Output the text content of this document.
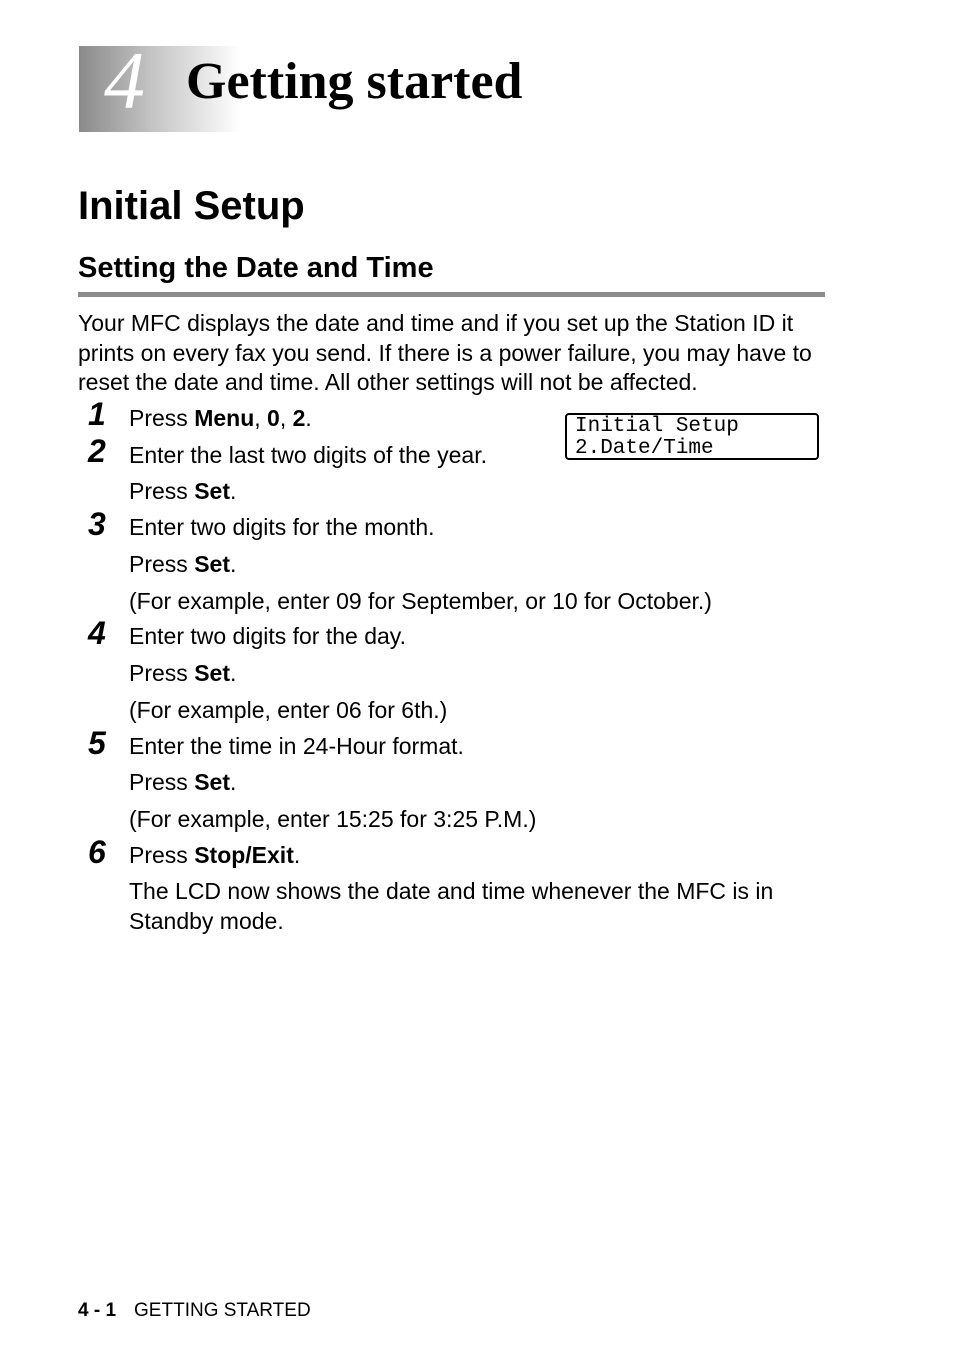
4 Getting started
Initial Setup
Setting the Date and Time
Your MFC displays the date and time and if you set up the Station ID it prints on every fax you send. If there is a power failure, you may have to reset the date and time. All other settings will not be affected.
Initial Setup
2.Date/Time
1 Press Menu, 0, 2.
2 Enter the last two digits of the year.
Press Set.
3 Enter two digits for the month.
Press Set.
(For example, enter 09 for September, or 10 for October.)
4 Enter two digits for the day.
Press Set.
(For example, enter 06 for 6th.)
5 Enter the time in 24-Hour format.
Press Set.
(For example, enter 15:25 for 3:25 P.M.)
6 Press Stop/Exit.
The LCD now shows the date and time whenever the MFC is in Standby mode.
4 - 1 GETTING STARTED
